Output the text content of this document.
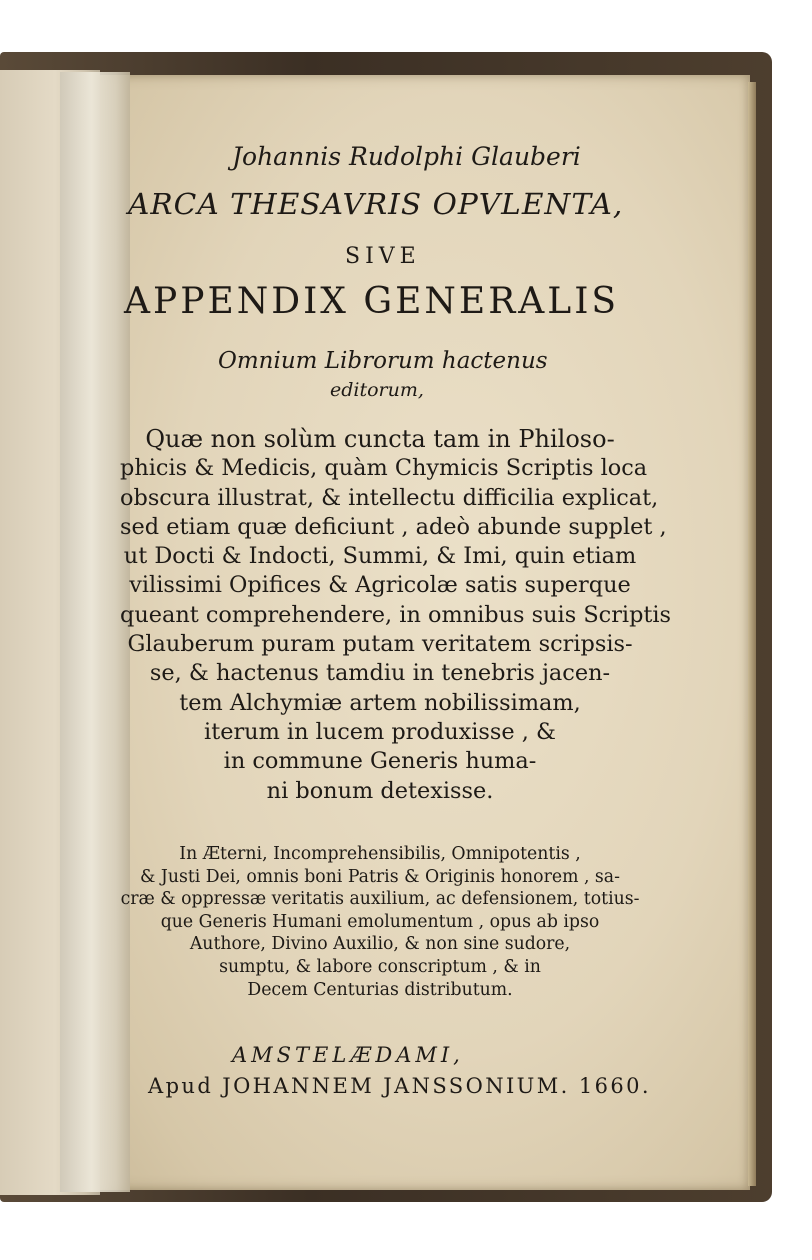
Johannis Rudolphi Glauberi
ARCA THESAVRIS OPVLENTA,
SIVE
APPENDIX GENERALIS
Omnium Librorum hactenus
editorum,
Quæ non solùm cuncta tam in Philoso-
phicis & Medicis, quàm Chymicis Scriptis loca
obscura illustrat, & intellectu difficilia explicat,
sed etiam quæ deficiunt , adeò abunde supplet ,
ut Docti & Indocti, Summi, & Imi, quin etiam
vilissimi Opifices & Agricolæ satis superque
queant comprehendere, in omnibus suis Scriptis
Glauberum puram putam veritatem scripsis-
se, & hactenus tamdiu in tenebris jacen-
tem Alchymiæ artem nobilissimam,
iterum in lucem produxisse , &
in commune Generis huma-
ni bonum detexisse.
In Æterni, Incomprehensibilis, Omnipotentis ,
& Justi Dei, omnis boni Patris & Originis honorem , sa-
cræ & oppressæ veritatis auxilium, ac defensionem, totius-
que Generis Humani emolumentum , opus ab ipso
Authore, Divino Auxilio, & non sine sudore,
sumptu, & labore conscriptum , & in
Decem Centurias distributum.
AMSTELÆDAMI,
Apud JOHANNEM JANSSONIUM. 1660.
